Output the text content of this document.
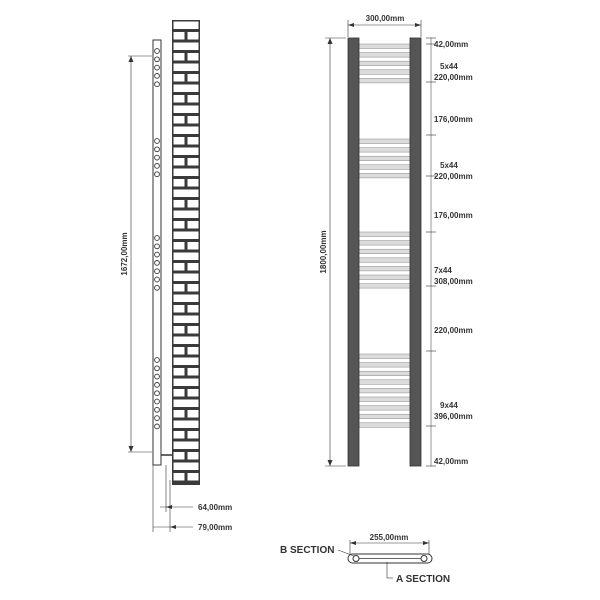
1672,00mm
64,00mm
79,00mm
300,00mm
1800,00mm
42,00mm
5x44
220,00mm
176,00mm
5x44
220,00mm
176,00mm
7x44
308,00mm
220,00mm
9x44
396,00mm
42,00mm
255,00mm
B SECTION
A SECTION
